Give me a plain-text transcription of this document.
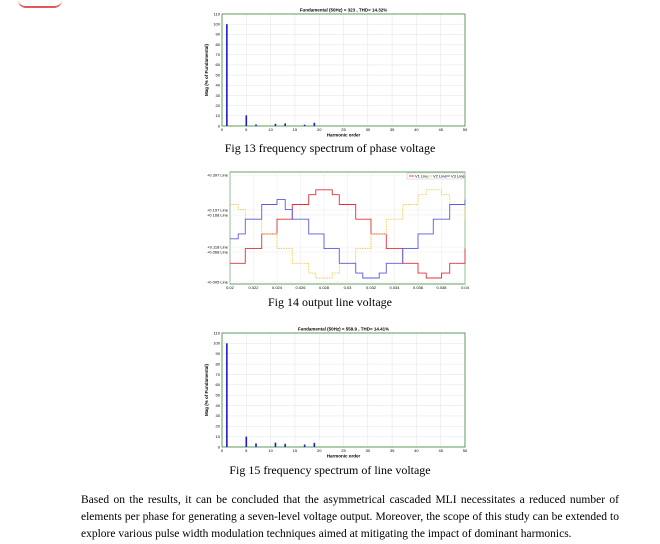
0
10
20
30
40
50
60
70
80
90
100
110
0	5	10	15	20	25	30	35	40	45	50
Fundamental (50Hz) = 323 , THD= 14.32%
Harmonic order
Mag (% of Fundamental)
Fig 13 frequency spectrum of phase voltage
0.02	0.022	0.024	0.026	0.028	0.03	0.032	0.034	0.036	0.038	0.04
+0.397 Line
+0.197 Line
+0.168 Line
+0.118 Line
+0.068 Line
+0.005 Line
V1 Line V2 Line V3 Line
Fig 14 output line voltage
0
10
20
30
40
50
60
70
80
90
100
110
0	5	10	15	20	25	30	35	40	45	50
Fundamental (50Hz) = 559.9 , THD= 14.41%
Harmonic order
Mag (% of Fundamental)
Fig 15 frequency spectrum of line voltage

Based on the results, it can be concluded that the asymmetrical cascaded MLI necessitates a reduced number of elements per phase for generating a seven-level voltage output. Moreover, the scope of this study can be extended to explore various pulse width modulation techniques aimed at mitigating the impact of dominant harmonics.
